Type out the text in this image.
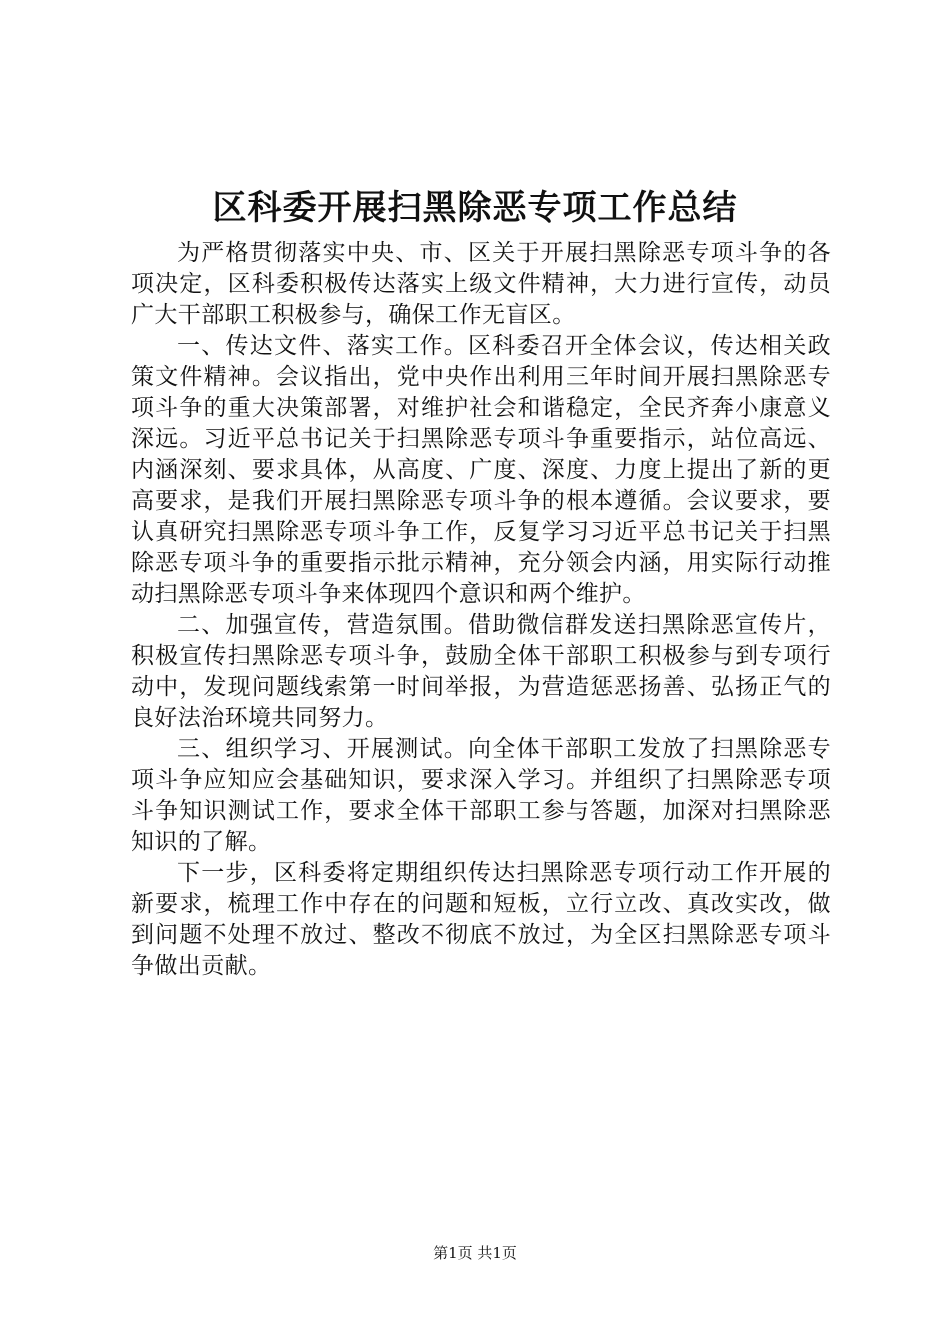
区科委开展扫黑除恶专项工作总结

为严格贯彻落实中央、市、区关于开展扫黑除恶专项斗争的各项决定，区科委积极传达落实上级文件精神，大力进行宣传，动员广大干部职工积极参与，确保工作无盲区。

一、传达文件、落实工作。区科委召开全体会议，传达相关政策文件精神。会议指出，党中央作出利用三年时间开展扫黑除恶专项斗争的重大决策部署，对维护社会和谐稳定，全民齐奔小康意义深远。习近平总书记关于扫黑除恶专项斗争重要指示，站位高远、内涵深刻、要求具体，从高度、广度、深度、力度上提出了新的更高要求，是我们开展扫黑除恶专项斗争的根本遵循。会议要求，要认真研究扫黑除恶专项斗争工作，反复学习习近平总书记关于扫黑除恶专项斗争的重要指示批示精神，充分领会内涵，用实际行动推动扫黑除恶专项斗争来体现四个意识和两个维护。

二、加强宣传，营造氛围。借助微信群发送扫黑除恶宣传片，积极宣传扫黑除恶专项斗争，鼓励全体干部职工积极参与到专项行动中，发现问题线索第一时间举报，为营造惩恶扬善、弘扬正气的良好法治环境共同努力。

三、组织学习、开展测试。向全体干部职工发放了扫黑除恶专项斗争应知应会基础知识，要求深入学习。并组织了扫黑除恶专项斗争知识测试工作，要求全体干部职工参与答题，加深对扫黑除恶知识的了解。

下一步，区科委将定期组织传达扫黑除恶专项行动工作开展的新要求，梳理工作中存在的问题和短板，立行立改、真改实改，做到问题不处理不放过、整改不彻底不放过，为全区扫黑除恶专项斗争做出贡献。

第1页 共1页
